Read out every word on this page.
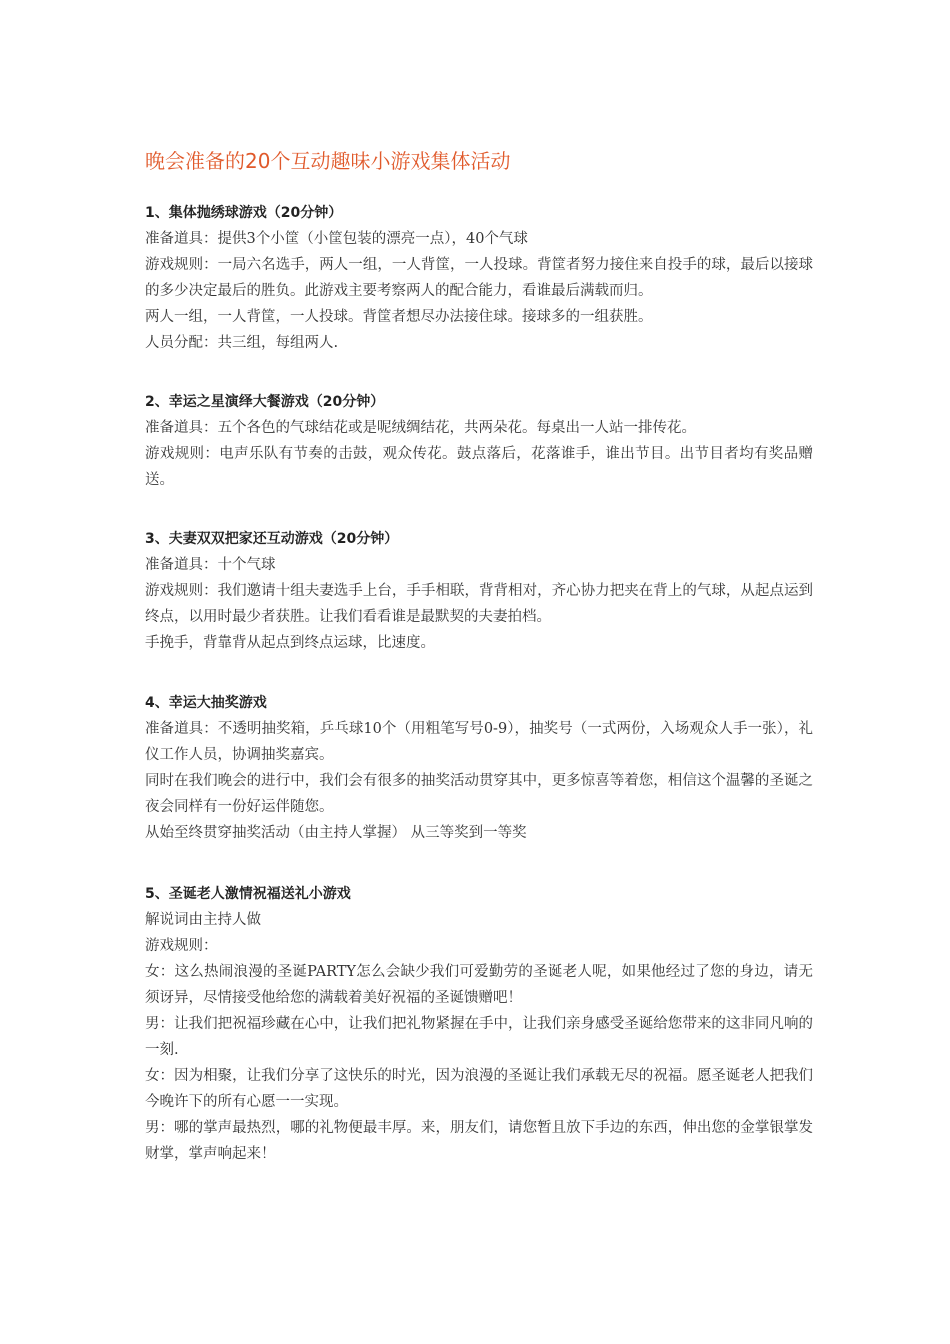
晚会准备的20个互动趣味小游戏集体活动
1、集体抛绣球游戏（20分钟）

准备道具：提供3个小筐（小筐包装的漂亮一点），40个气球

游戏规则：一局六名选手，两人一组，一人背筐，一人投球。背筐者努力接住来自投手的球，最后以接球的多少决定最后的胜负。此游戏主要考察两人的配合能力，看谁最后满载而归。

两人一组，一人背筐，一人投球。背筐者想尽办法接住球。接球多的一组获胜。

人员分配：共三组，每组两人.

2、幸运之星演绎大餐游戏（20分钟）

准备道具：五个各色的气球结花或是呢绒绸结花，共两朵花。每桌出一人站一排传花。

游戏规则：电声乐队有节奏的击鼓，观众传花。鼓点落后，花落谁手，谁出节目。出节目者均有奖品赠送。

3、夫妻双双把家还互动游戏（20分钟）

准备道具：十个气球

游戏规则：我们邀请十组夫妻选手上台，手手相联，背背相对，齐心协力把夹在背上的气球，从起点运到终点，以用时最少者获胜。让我们看看谁是最默契的夫妻拍档。

手挽手，背靠背从起点到终点运球，比速度。

4、幸运大抽奖游戏

准备道具：不透明抽奖箱，乒乓球10个（用粗笔写号0-9），抽奖号（一式两份，入场观众人手一张），礼仪工作人员，协调抽奖嘉宾。

同时在我们晚会的进行中，我们会有很多的抽奖活动贯穿其中，更多惊喜等着您，相信这个温馨的圣诞之夜会同样有一份好运伴随您。

从始至终贯穿抽奖活动（由主持人掌握） 从三等奖到一等奖

5、圣诞老人激情祝福送礼小游戏

解说词由主持人做

游戏规则：

女：这么热闹浪漫的圣诞PARTY怎么会缺少我们可爱勤劳的圣诞老人呢，如果他经过了您的身边，请无须讶异，尽情接受他给您的满载着美好祝福的圣诞馈赠吧！

男：让我们把祝福珍藏在心中，让我们把礼物紧握在手中，让我们亲身感受圣诞给您带来的这非同凡响的一刻.

女：因为相聚，让我们分享了这快乐的时光，因为浪漫的圣诞让我们承载无尽的祝福。愿圣诞老人把我们今晚许下的所有心愿一一实现。

男：哪的掌声最热烈，哪的礼物便最丰厚。来，朋友们，请您暂且放下手边的东西，伸出您的金掌银掌发财掌，掌声响起来！
